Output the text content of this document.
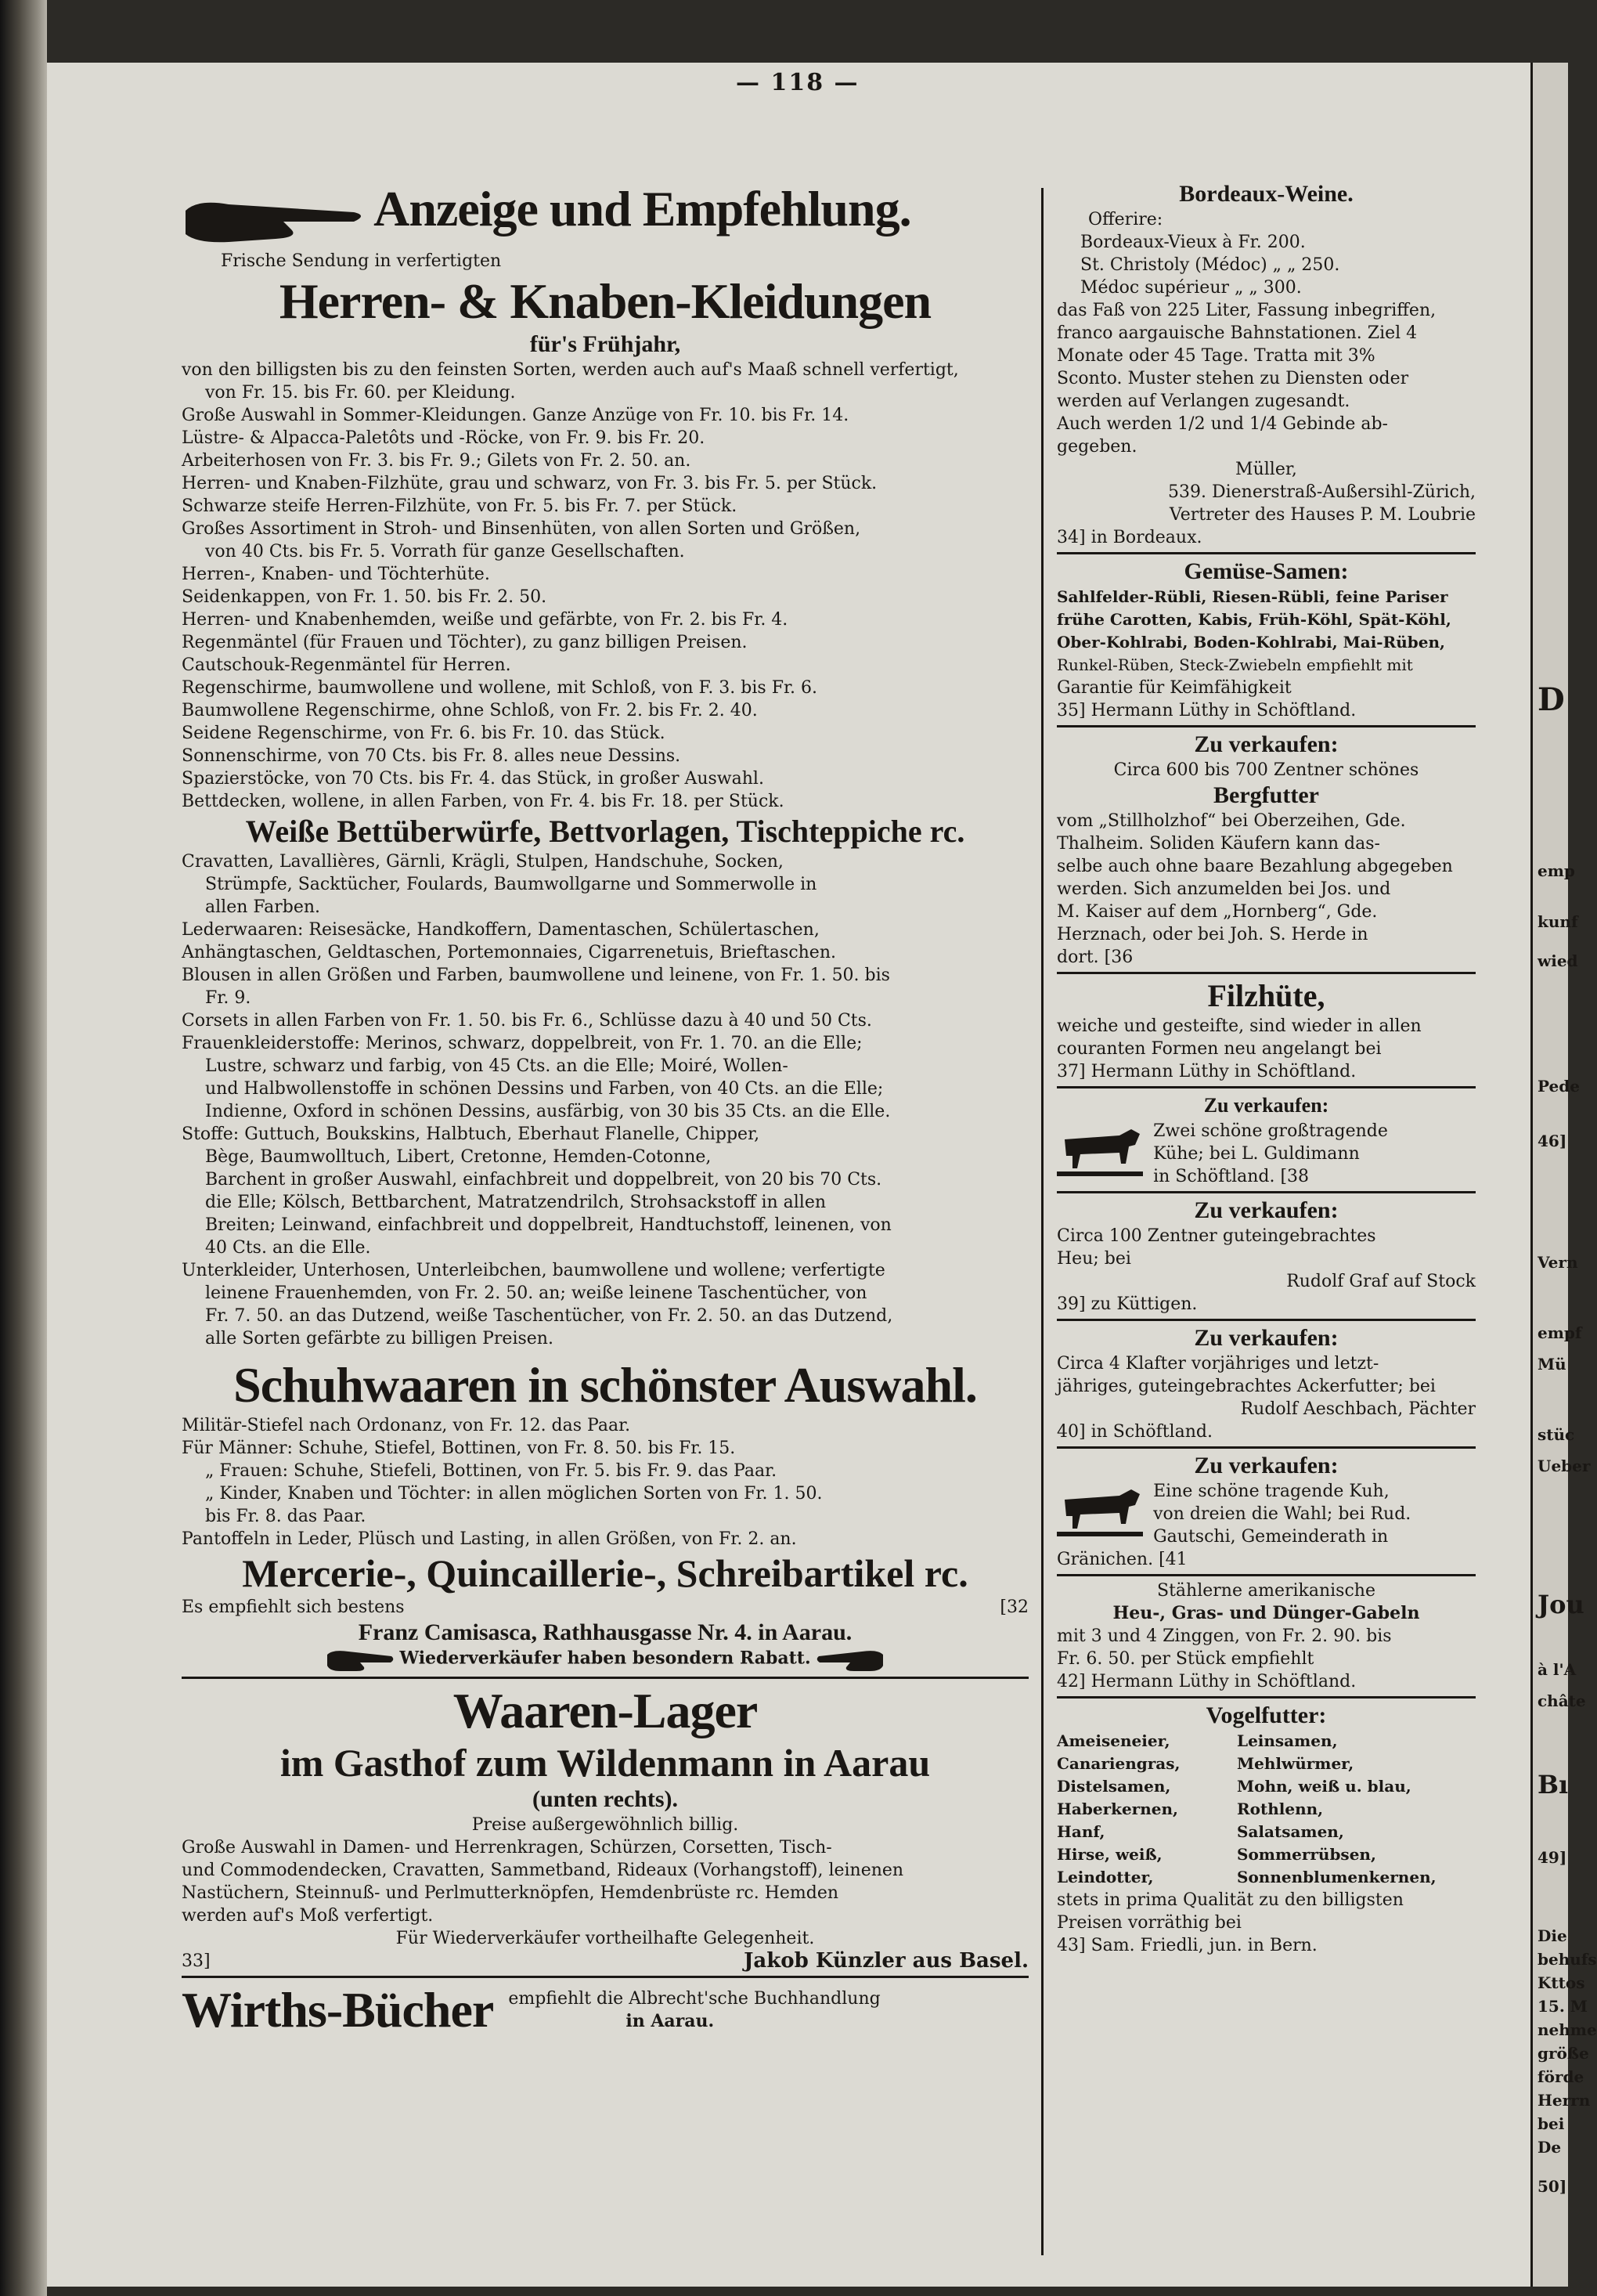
D
emp
kunf
wied
Pede
46]
Vern
empf
Mü
stüc
Ueber
Jou
à l'A
châte
Bı
49]
Die
behufs
Kttos
15. M
nehme
größe
förde
Herrn
bei
De
50]
— 118 —
Anzeige und Empfehlung.

Frische Sendung in verfertigten

Herren- & Knaben-Kleidungen

für's Frühjahr,

von den billigsten bis zu den feinsten Sorten, werden auch auf's Maaß schnell verfertigt,

von Fr. 15. bis Fr. 60. per Kleidung.

Große Auswahl in Sommer-Kleidungen. Ganze Anzüge von Fr. 10. bis Fr. 14.

Lüstre- & Alpacca-Paletôts und -Röcke, von Fr. 9. bis Fr. 20.

Arbeiterhosen von Fr. 3. bis Fr. 9.; Gilets von Fr. 2. 50. an.

Herren- und Knaben-Filzhüte, grau und schwarz, von Fr. 3. bis Fr. 5. per Stück.

Schwarze steife Herren-Filzhüte, von Fr. 5. bis Fr. 7. per Stück.

Großes Assortiment in Stroh- und Binsenhüten, von allen Sorten und Größen,

von 40 Cts. bis Fr. 5. Vorrath für ganze Gesellschaften.

Herren-, Knaben- und Töchterhüte.

Seidenkappen, von Fr. 1. 50. bis Fr. 2. 50.

Herren- und Knabenhemden, weiße und gefärbte, von Fr. 2. bis Fr. 4.

Regenmäntel (für Frauen und Töchter), zu ganz billigen Preisen.

Cautschouk-Regenmäntel für Herren.

Regenschirme, baumwollene und wollene, mit Schloß, von F. 3. bis Fr. 6.

Baumwollene Regenschirme, ohne Schloß, von Fr. 2. bis Fr. 2. 40.

Seidene Regenschirme, von Fr. 6. bis Fr. 10. das Stück.

Sonnenschirme, von 70 Cts. bis Fr. 8. alles neue Dessins.

Spazierstöcke, von 70 Cts. bis Fr. 4. das Stück, in großer Auswahl.

Bettdecken, wollene, in allen Farben, von Fr. 4. bis Fr. 18. per Stück.

Weiße Bettüberwürfe, Bettvorlagen, Tischteppiche rc.

Cravatten, Lavallières, Gärnli, Krägli, Stulpen, Handschuhe, Socken,

Strümpfe, Sacktücher, Foulards, Baumwollgarne und Sommerwolle in

allen Farben.

Lederwaaren: Reisesäcke, Handkoffern, Damentaschen, Schülertaschen,

Anhängtaschen, Geldtaschen, Portemonnaies, Cigarrenetuis, Brieftaschen.

Blousen in allen Größen und Farben, baumwollene und leinene, von Fr. 1. 50. bis

Fr. 9.

Corsets in allen Farben von Fr. 1. 50. bis Fr. 6., Schlüsse dazu à 40 und 50 Cts.

Frauenkleiderstoffe: Merinos, schwarz, doppelbreit, von Fr. 1. 70. an die Elle;

Lustre, schwarz und farbig, von 45 Cts. an die Elle; Moiré, Wollen-

und Halbwollenstoffe in schönen Dessins und Farben, von 40 Cts. an die Elle;

Indienne, Oxford in schönen Dessins, ausfärbig, von 30 bis 35 Cts. an die Elle.

Stoffe: Guttuch, Boukskins, Halbtuch, Eberhaut Flanelle, Chipper,

Bège, Baumwolltuch, Libert, Cretonne, Hemden-Cotonne,

Barchent in großer Auswahl, einfachbreit und doppelbreit, von 20 bis 70 Cts.

die Elle; Kölsch, Bettbarchent, Matratzendrilch, Strohsackstoff in allen

Breiten; Leinwand, einfachbreit und doppelbreit, Handtuchstoff, leinenen, von

40 Cts. an die Elle.

Unterkleider, Unterhosen, Unterleibchen, baumwollene und wollene; verfertigte

leinene Frauenhemden, von Fr. 2. 50. an; weiße leinene Taschentücher, von

Fr. 7. 50. an das Dutzend, weiße Taschentücher, von Fr. 2. 50. an das Dutzend,

alle Sorten gefärbte zu billigen Preisen.

Schuhwaaren in schönster Auswahl.

Militär-Stiefel nach Ordonanz, von Fr. 12. das Paar.

Für Männer: Schuhe, Stiefel, Bottinen, von Fr. 8. 50. bis Fr. 15.

„ Frauen: Schuhe, Stiefeli, Bottinen, von Fr. 5. bis Fr. 9. das Paar.

„ Kinder, Knaben und Töchter: in allen möglichen Sorten von Fr. 1. 50.

bis Fr. 8. das Paar.

Pantoffeln in Leder, Plüsch und Lasting, in allen Größen, von Fr. 2. an.

Mercerie-, Quincaillerie-, Schreibartikel rc.

Es empfiehlt sich bestens	[32

Franz Camisasca, Rathhausgasse Nr. 4. in Aarau.

Wiederverkäufer haben besondern Rabatt.

Waaren-Lager

im Gasthof zum Wildenmann in Aarau

(unten rechts).

Preise außergewöhnlich billig.

Große Auswahl in Damen- und Herrenkragen, Schürzen, Corsetten, Tisch-

und Commodendecken, Cravatten, Sammetband, Rideaux (Vorhangstoff), leinenen

Nastüchern, Steinnuß- und Perlmutterknöpfen, Hemdenbrüste rc. Hemden

werden auf's Moß verfertigt.

Für Wiederverkäufer vortheilhafte Gelegenheit.

33]	Jakob Künzler aus Basel.

Wirths-Bücher empfiehlt die Albrecht'sche Buchhandlung
in Aarau.

Bordeaux-Weine.

Offerire:

Bordeaux-Vieux à Fr. 200.

St. Christoly (Médoc) „ „ 250.

Médoc supérieur „ „ 300.

das Faß von 225 Liter, Fassung inbegriffen,

franco aargauische Bahnstationen. Ziel 4

Monate oder 45 Tage. Tratta mit 3%

Sconto. Muster stehen zu Diensten oder

werden auf Verlangen zugesandt.

Auch werden 1/2 und 1/4 Gebinde ab-

gegeben.

Müller,

539. Dienerstraß-Außersihl-Zürich,

Vertreter des Hauses P. M. Loubrie

34] in Bordeaux.

Gemüse-Samen:

Sahlfelder-Rübli, Riesen-Rübli, feine Pariser

frühe Carotten, Kabis, Früh-Köhl, Spät-Köhl,

Ober-Kohlrabi, Boden-Kohlrabi, Mai-Rüben,

Runkel-Rüben, Steck-Zwiebeln empfiehlt mit

Garantie für Keimfähigkeit

35] Hermann Lüthy in Schöftland.

Zu verkaufen:

Circa 600 bis 700 Zentner schönes

Bergfutter

vom „Stillholzhof“ bei Oberzeihen, Gde.

Thalheim. Soliden Käufern kann das-

selbe auch ohne baare Bezahlung abgegeben

werden. Sich anzumelden bei Jos. und

M. Kaiser auf dem „Hornberg“, Gde.

Herznach, oder bei Joh. S. Herde in

dort. [36

Filzhüte,

weiche und gesteifte, sind wieder in allen

couranten Formen neu angelangt bei

37] Hermann Lüthy in Schöftland.

Zu verkaufen:

Zwei schöne großtragende
Kühe; bei L. Guldimann
in Schöftland. [38

Zu verkaufen:

Circa 100 Zentner guteingebrachtes

Heu; bei

Rudolf Graf auf Stock

39] zu Küttigen.

Zu verkaufen:

Circa 4 Klafter vorjähriges und letzt-

jähriges, guteingebrachtes Ackerfutter; bei

Rudolf Aeschbach, Pächter

40] in Schöftland.

Zu verkaufen:

Eine schöne tragende Kuh,
von dreien die Wahl; bei Rud.
Gautschi, Gemeinderath in

Gränichen. [41

Stählerne amerikanische

Heu-, Gras- und Dünger-Gabeln

mit 3 und 4 Zinggen, von Fr. 2. 90. bis

Fr. 6. 50. per Stück empfiehlt

42] Hermann Lüthy in Schöftland.

Vogelfutter:

Ameiseneier,

Canariengras,

Distelsamen,

Haberkernen,

Hanf,

Hirse, weiß,

Leindotter,

Leinsamen,

Mehlwürmer,

Mohn, weiß u. blau,

Rothlenn,

Salatsamen,

Sommerrübsen,

Sonnenblumenkernen,

stets in prima Qualität zu den billigsten

Preisen vorräthig bei

43] Sam. Friedli, jun. in Bern.
